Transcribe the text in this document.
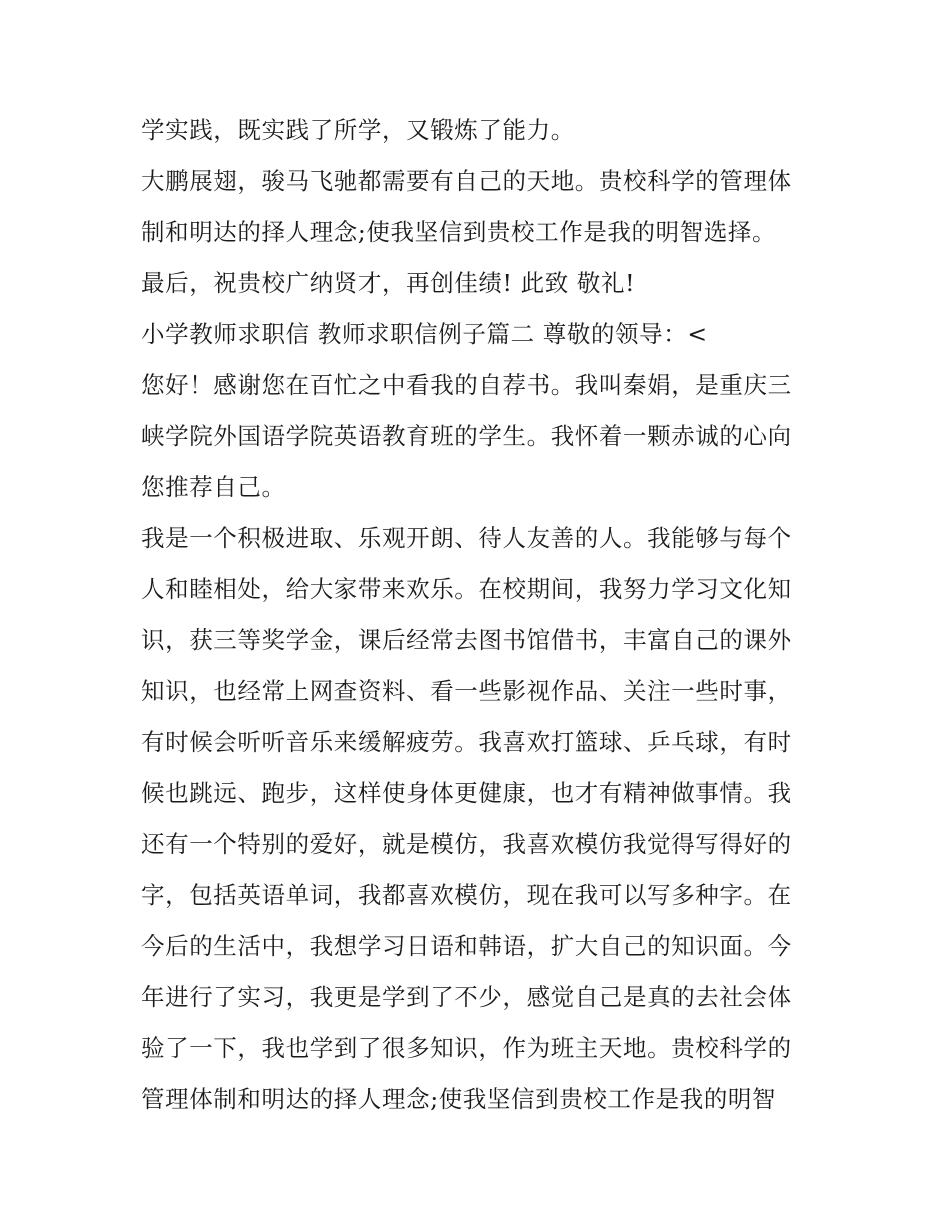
学实践，既实践了所学，又锻炼了能力。
大鹏展翅，骏马飞驰都需要有自己的天地。贵校科学的管理体
制和明达的择人理念;使我坚信到贵校工作是我的明智选择。
最后，祝贵校广纳贤才，再创佳绩! 此致 敬礼!
小学教师求职信 教师求职信例子篇二 尊敬的领导：<
您好！感谢您在百忙之中看我的自荐书。我叫秦娟，是重庆三
峡学院外国语学院英语教育班的学生。我怀着一颗赤诚的心向
您推荐自己。
我是一个积极进取、乐观开朗、待人友善的人。我能够与每个
人和睦相处，给大家带来欢乐。在校期间，我努力学习文化知
识，获三等奖学金，课后经常去图书馆借书，丰富自己的课外
知识，也经常上网查资料、看一些影视作品、关注一些时事，
有时候会听听音乐来缓解疲劳。我喜欢打篮球、乒乓球，有时
候也跳远、跑步，这样使身体更健康，也才有精神做事情。我
还有一个特别的爱好，就是模仿，我喜欢模仿我觉得写得好的
字，包括英语单词，我都喜欢模仿，现在我可以写多种字。在
今后的生活中，我想学习日语和韩语，扩大自己的知识面。今
年进行了实习，我更是学到了不少，感觉自己是真的去社会体
验了一下，我也学到了很多知识，作为班主天地。贵校科学的
管理体制和明达的择人理念;使我坚信到贵校工作是我的明智
